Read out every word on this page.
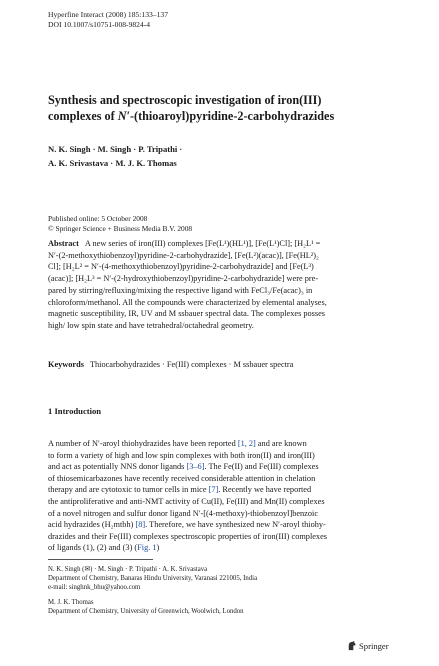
Hyperfine Interact (2008) 185:133–137
DOI 10.1007/s10751-008-9824-4
Synthesis and spectroscopic investigation of iron(III)
complexes of N′-(thioaroyl)pyridine-2-carbohydrazides
N. K. Singh · M. Singh · P. Tripathi ·
A. K. Srivastava · M. J. K. Thomas
Published online: 5 October 2008
© Springer Science + Business Media B.V. 2008
Abstract A new series of iron(III) complexes [Fe(L¹)(HL¹)], [Fe(L¹)Cl]; [H₂L¹ =
N′-(2-methoxythiobenzoyl)pyridine-2-carbohydrazide], [Fe(L²)(acac)], [Fe(HL²)₂
Cl]; [H₂L² = N′-(4-methoxythiobenzoyl)pyridine-2-carbohydrazide] and [Fe(L³)
(acac)]; [H₂L³ = N′-(2-hydroxythiobenzoyl)pyridine-2-carbohydrazide] were pre-
pared by stirring/refluxing/mixing the respective ligand with FeCl₃/Fe(acac)₃ in
chloroform/methanol. All the compounds were characterized by elemental analyses,
magnetic susceptibility, IR, UV and M ssbauer spectral data. The complexes posses
high/ low spin state and have tetrahedral/octahedral geometry.
Keywords Thiocarbohydrazides · Fe(III) complexes · M ssbauer spectra
1 Introduction
A number of N′-aroyl thiohydrazides have been reported [1, 2] and are known
to form a variety of high and low spin complexes with both iron(II) and iron(III)
and act as potentially NNS donor ligands [3–6]. The Fe(II) and Fe(III) complexes
of thiosemicarbazones have recently received considerable attention in chelation
therapy and are cytotoxic to tumor cells in mice [7]. Recently we have reported
the antiproliferative and anti-NMT activity of Cu(II), Fe(III) and Mn(II) complexes
of a novel nitrogen and sulfur donor ligand N′-[(4-methoxy)-thiobenzoyl]benzoic
acid hydrazides (H₂mtbh) [8]. Therefore, we have synthesized new N′-aroyl thiohy-
drazides and their Fe(III) complexes spectroscopic properties of iron(III) complexes
of ligands (1), (2) and (3) (Fig. 1)
N. K. Singh (✉) · M. Singh · P. Tripathi · A. K. Srivastava
Department of Chemistry, Banaras Hindu University, Varanasi 221005, India
e-mail: singhnk_bhu@yahoo.com
M. J. K. Thomas
Department of Chemistry, University of Greenwich, Woolwich, London
Springer
